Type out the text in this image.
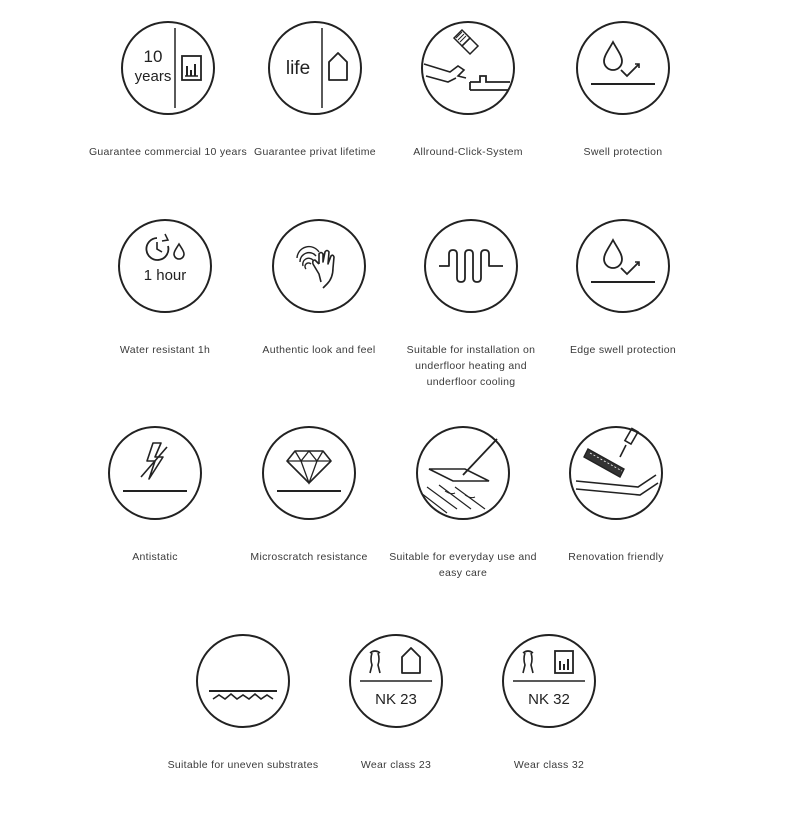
10
years
Guarantee commercial 10 years
life
Guarantee privat lifetime	Allround-Click-System	Swell protection
1 hour
Water resistant 1h	Authentic look and feel	Suitable for installation on underfloor heating and underfloor cooling
Edge swell protection
Antistatic	Microscratch resistance	Suitable for everyday use and easy care
Renovation friendly
Suitable for uneven substrates
NK 23
Wear class 23
NK 32
Wear class 32
